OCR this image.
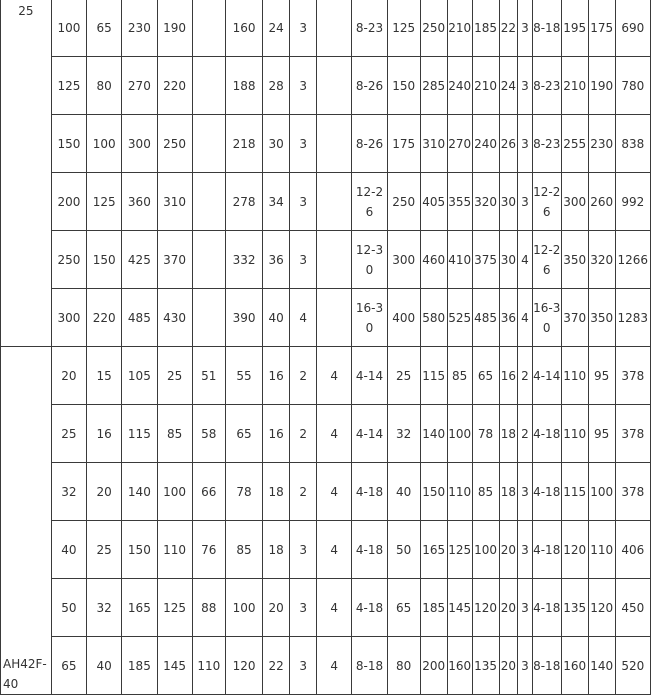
25	100	65	230	190		160	24	3		8-23	125	250	210	185	22	3	8-18	195	175	690
	125	80	270	220		188	28	3		8-26	150	285	240	210	24	3	8-23	210	190	780
	150	100	300	250		218	30	3		8-26	175	310	270	240	26	3	8-23	255	230	838
	200	125	360	310		278	34	3		12-26	250	405	355	320	30	3	12-26	300	260	992
	250	150	425	370		332	36	3		12-30	300	460	410	375	30	4	12-26	350	320	1266
	300	220	485	430		390	40	4		16-30	400	580	525	485	36	4	16-30	370	350	1283

AH42F-40	20	15	105	25	51	55	16	2	4	4-14	25	115	85	65	16	2	4-14	110	95	378
	25	16	115	85	58	65	16	2	4	4-14	32	140	100	78	18	2	4-18	110	95	378
	32	20	140	100	66	78	18	2	4	4-18	40	150	110	85	18	3	4-18	115	100	378
	40	25	150	110	76	85	18	3	4	4-18	50	165	125	100	20	3	4-18	120	110	406
	50	32	165	125	88	100	20	3	4	4-18	65	185	145	120	20	3	4-18	135	120	450
	65	40	185	145	110	120	22	3	4	8-18	80	200	160	135	20	3	8-18	160	140	520
